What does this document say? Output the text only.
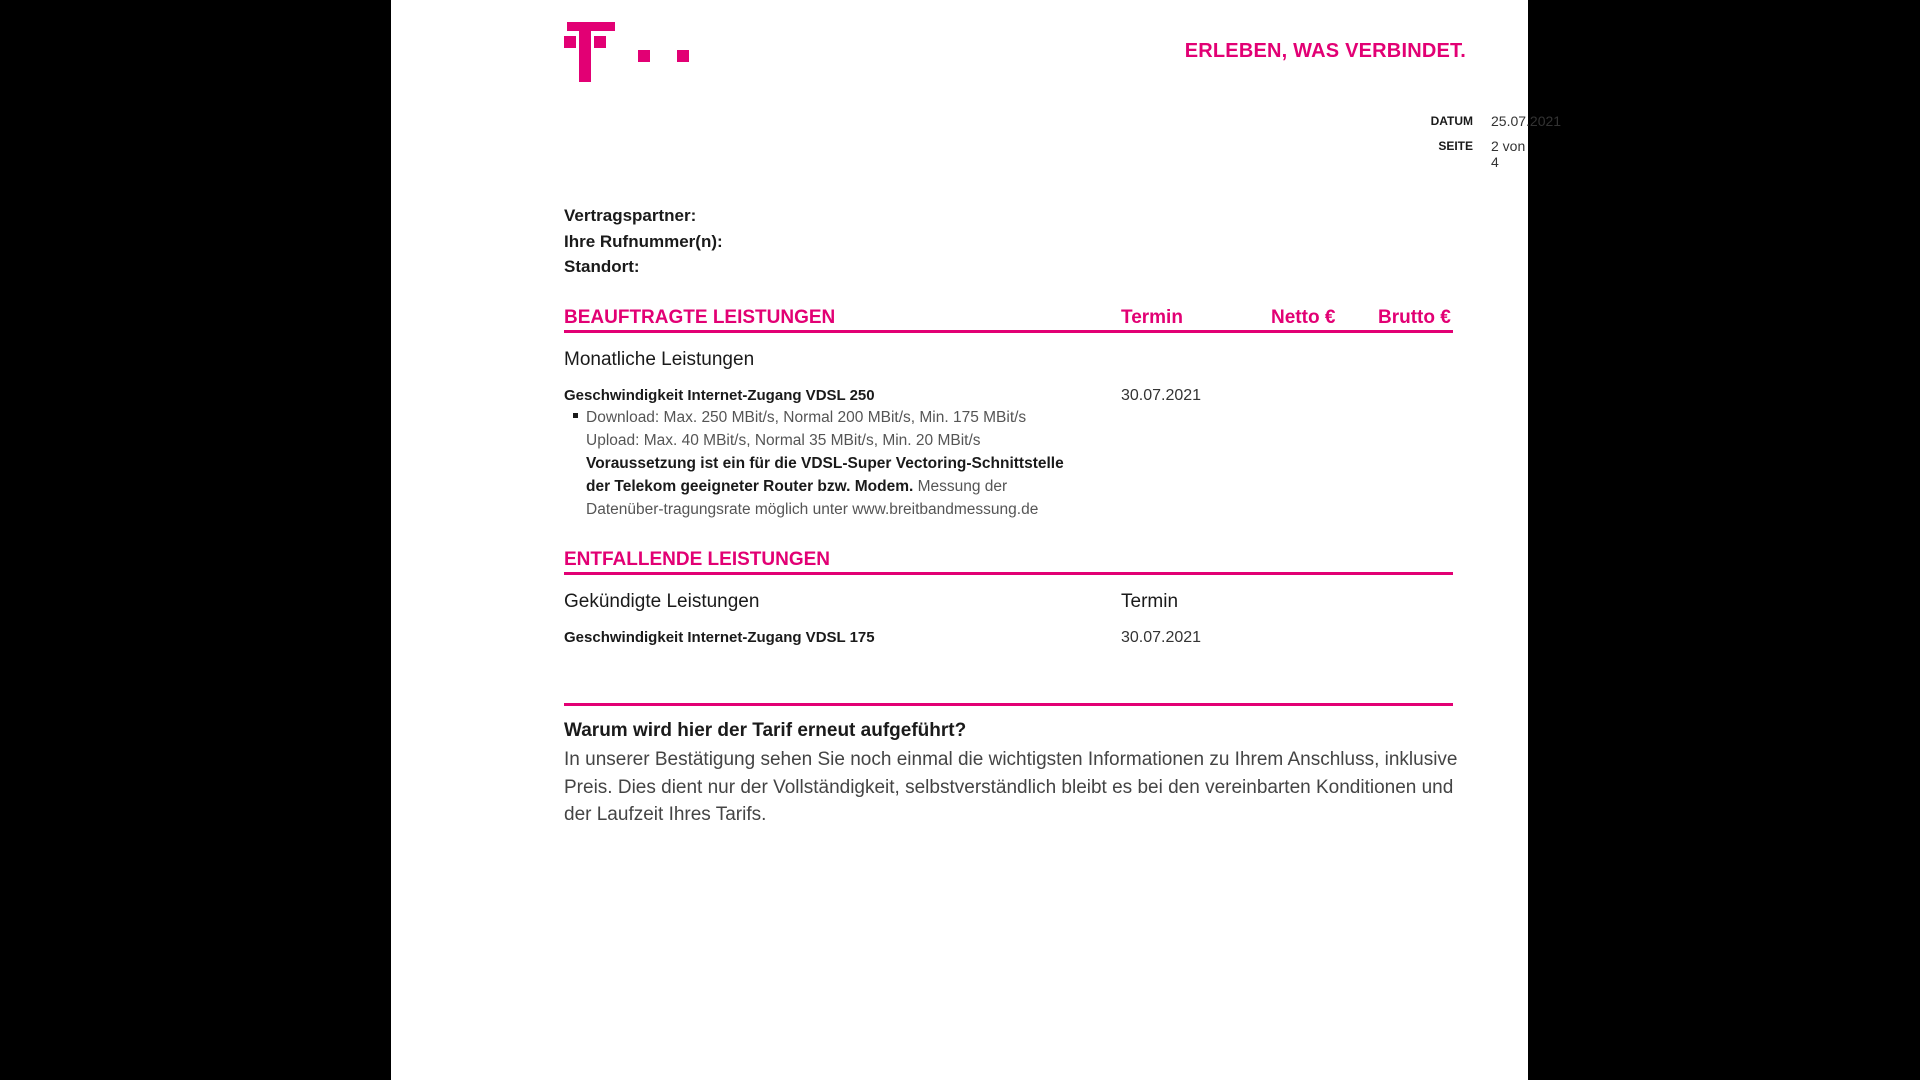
ERLEBEN, WAS VERBINDET.
DATUM 25.07.2021
SEITE 2 von 4
Vertragspartner:
Ihre Rufnummer(n):
Standort:
BEAUFTRAGTE LEISTUNGEN	Termin	Netto € Brutto €
Monatliche Leistungen
Geschwindigkeit Internet-Zugang VDSL 250	30.07.2021
Download: Max. 250 MBit/s, Normal 200 MBit/s, Min. 175 MBit/s
Upload: Max. 40 MBit/s, Normal 35 MBit/s, Min. 20 MBit/s
Voraussetzung ist ein für die VDSL-Super Vectoring-Schnittstelle der Telekom geeigneter Router bzw. Modem. Messung der Datenüber-tragungsrate möglich unter www.breitbandmessung.de
ENTFALLENDE LEISTUNGEN
Gekündigte Leistungen	Termin
Geschwindigkeit Internet-Zugang VDSL 175	30.07.2021
Warum wird hier der Tarif erneut aufgeführt?
In unserer Bestätigung sehen Sie noch einmal die wichtigsten Informationen zu Ihrem Anschluss, inklusive Preis. Dies dient nur der Vollständigkeit, selbstverständlich bleibt es bei den vereinbarten Konditionen und der Laufzeit Ihres Tarifs.
